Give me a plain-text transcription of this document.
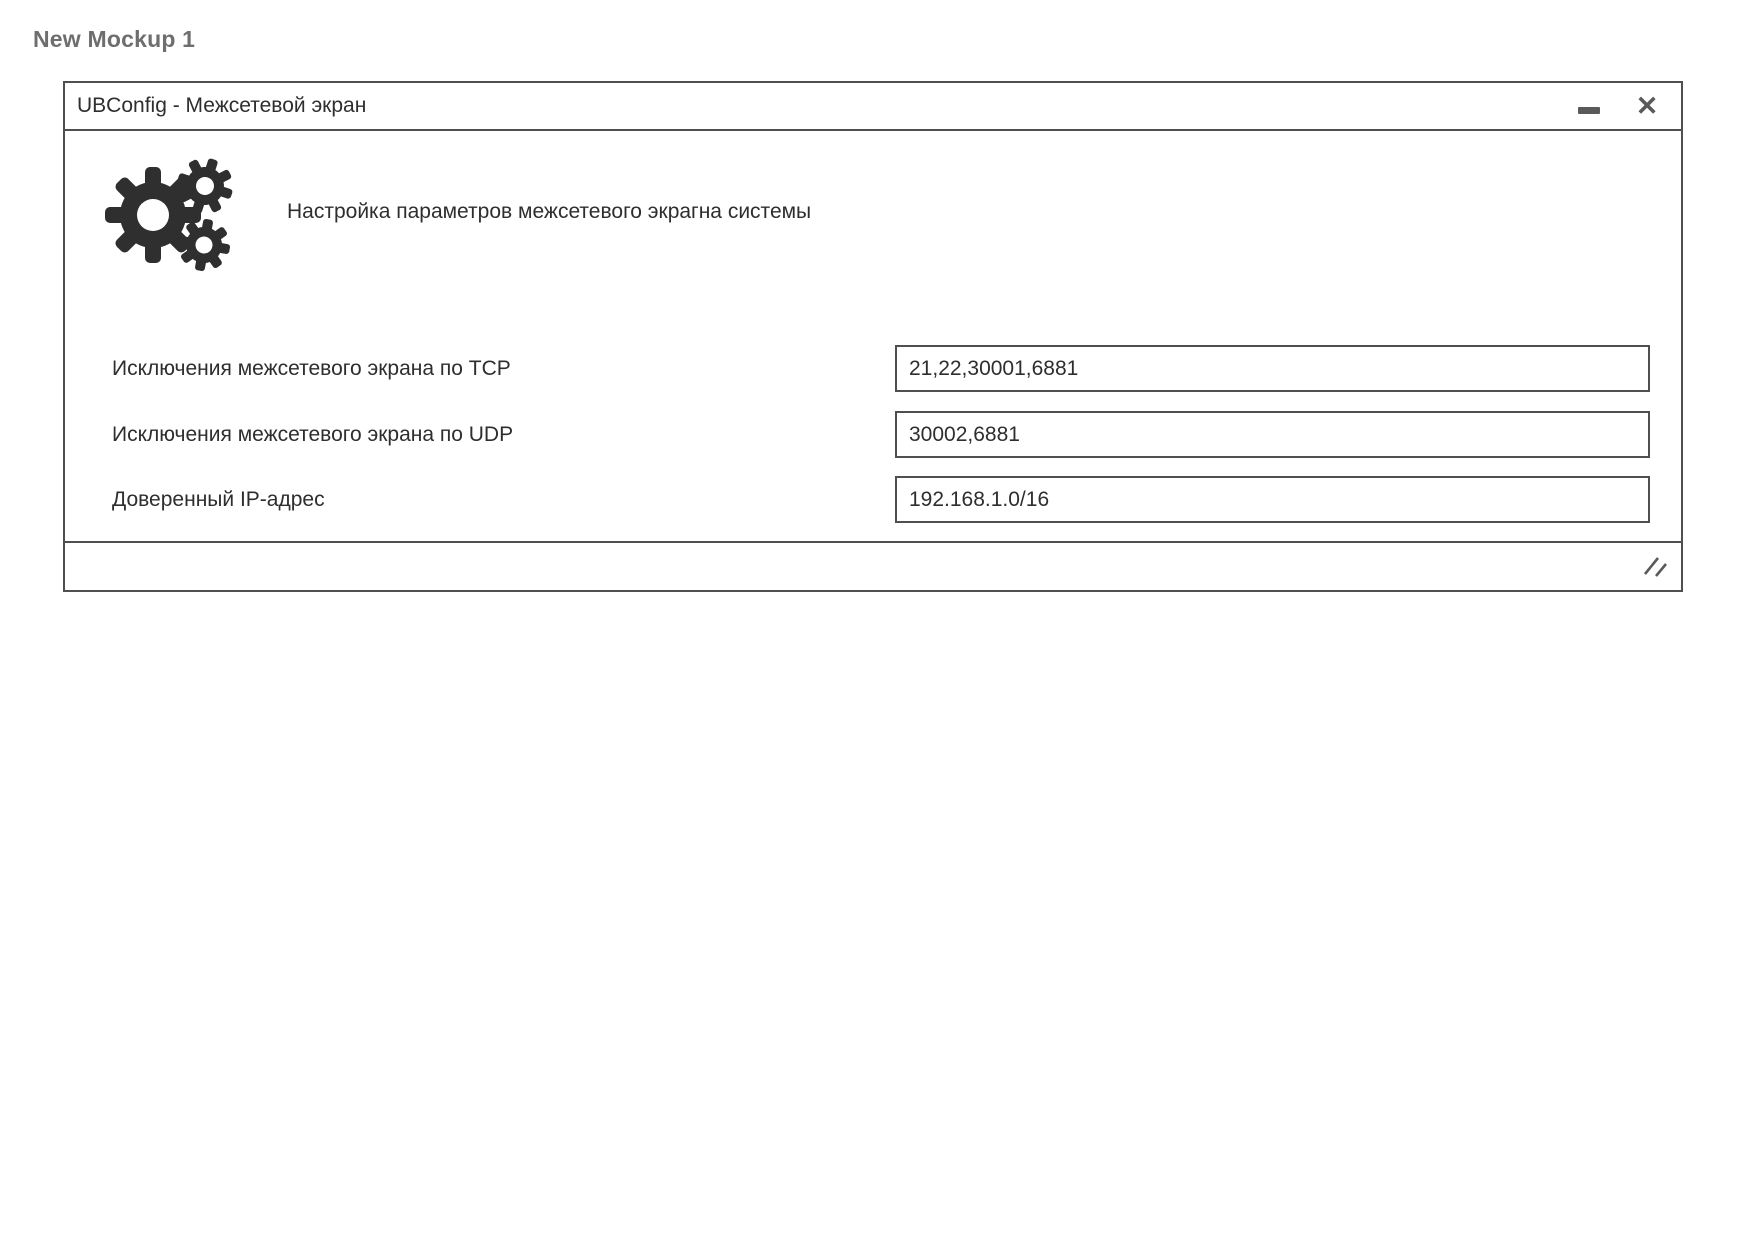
New Mockup 1
UBConfig - Межсетевой экран	✕
Настройка параметров межсетевого экрагна системы
Исключения межсетевого экрана по TCP
21,22,30001,6881
Исключения межсетевого экрана по UDP
30002,6881
Доверенный IP-адрес
192.168.1.0/16
